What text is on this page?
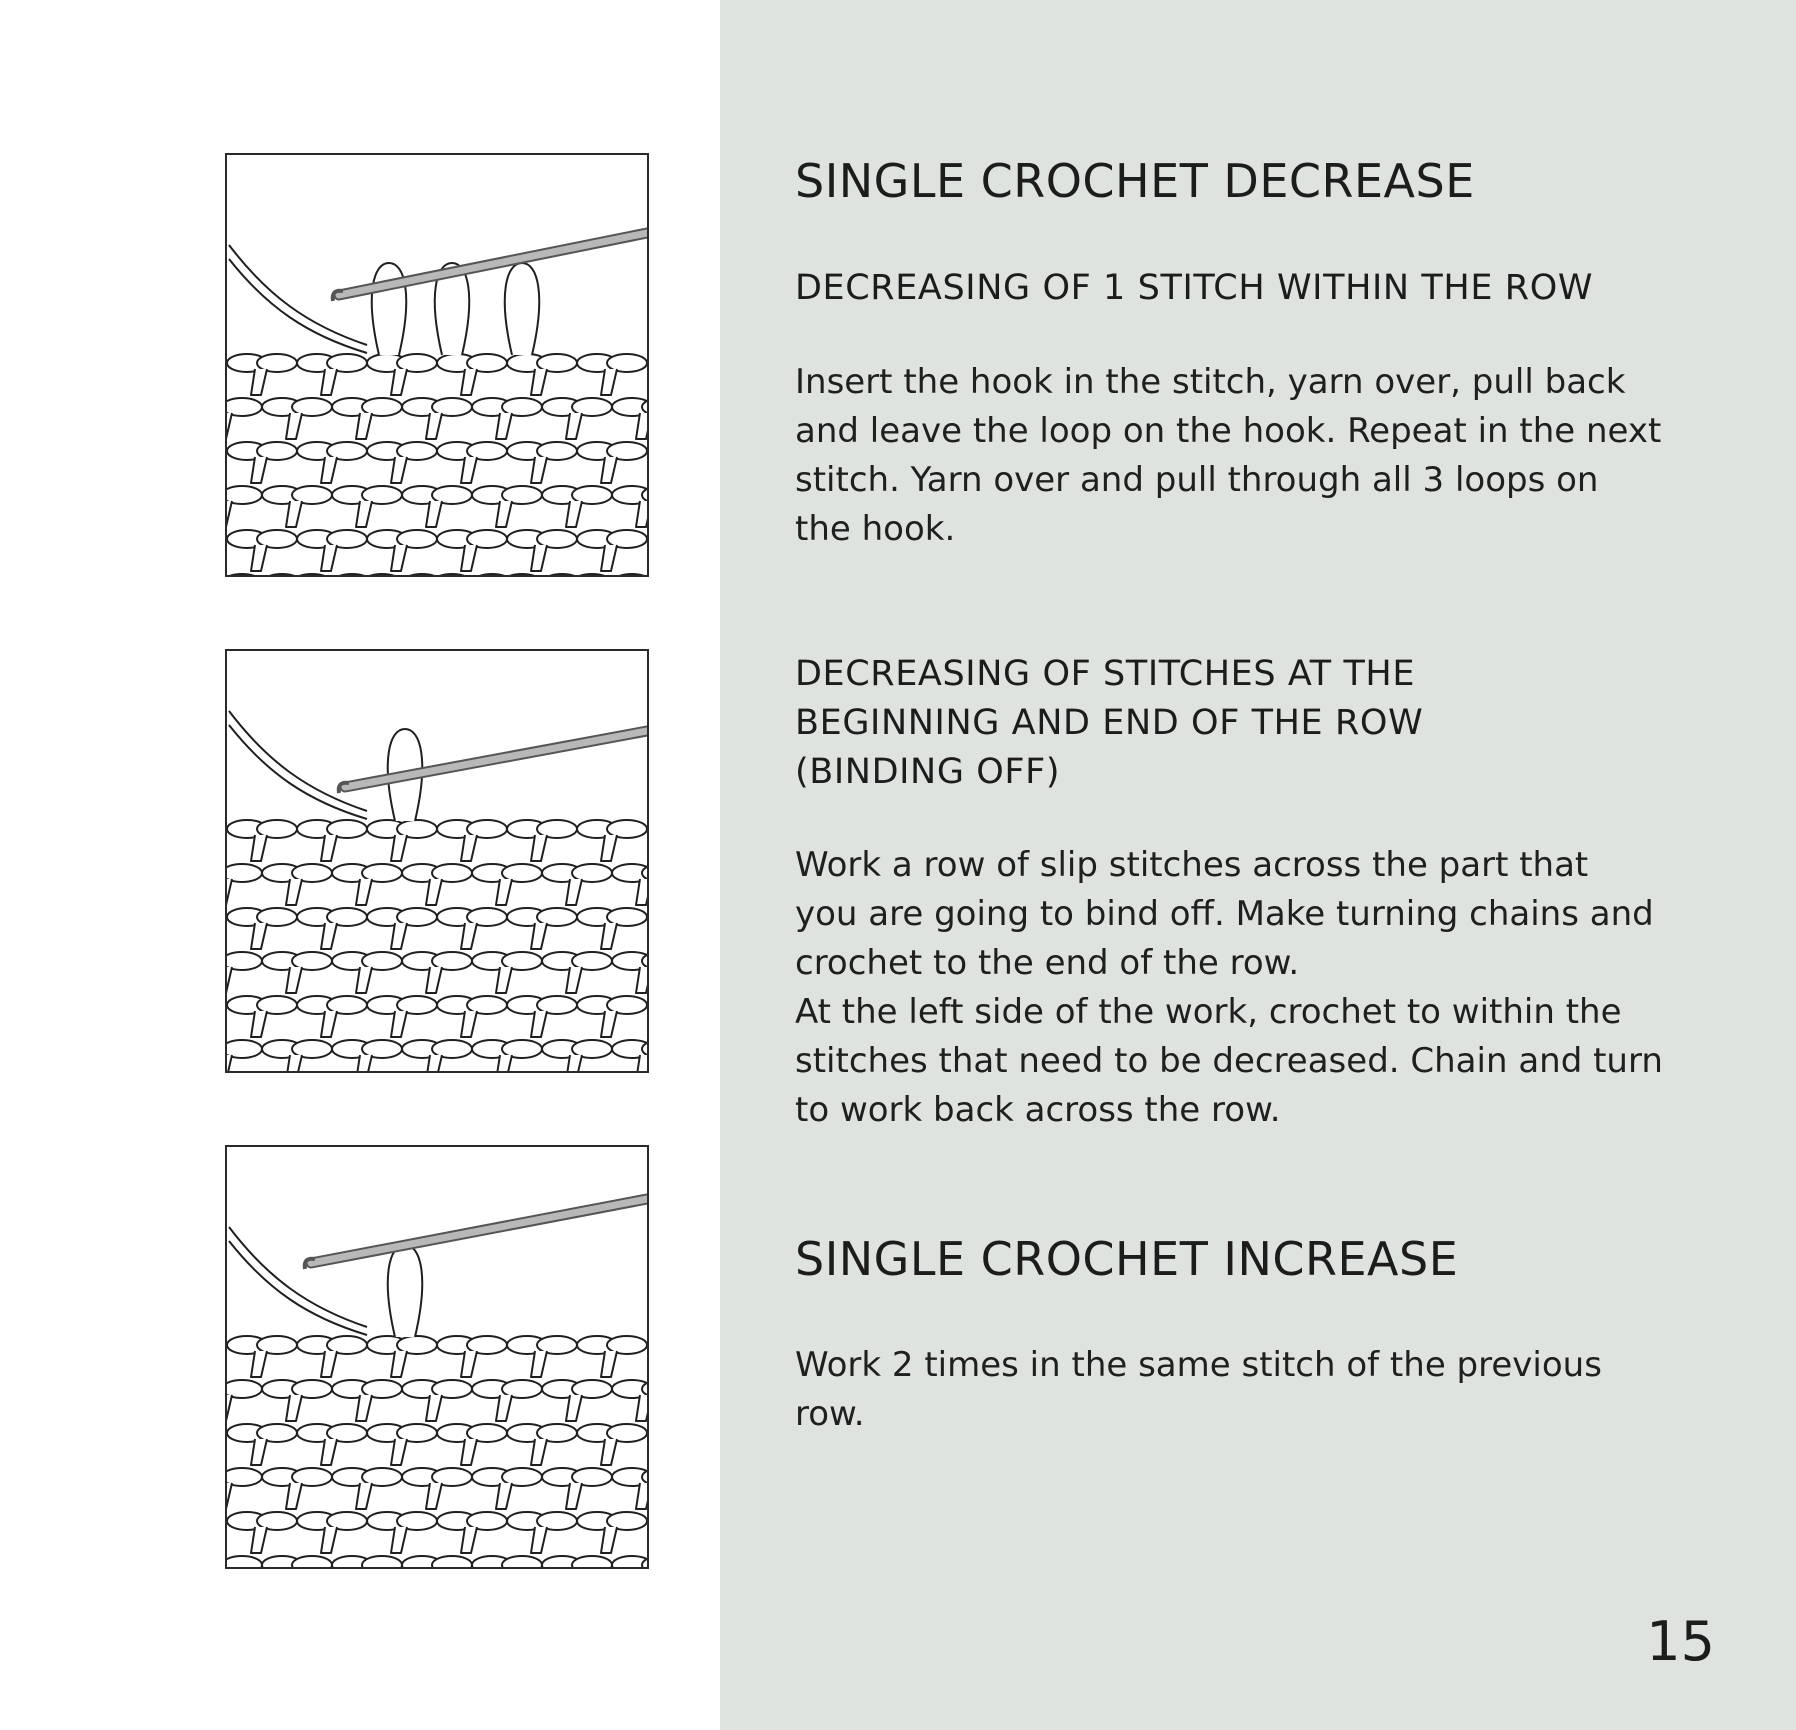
SINGLE CROCHET DECREASE
DECREASING OF 1 STITCH WITHIN THE ROW
Insert the hook in the stitch, yarn over, pull back
and leave the loop on the hook. Repeat in the next
stitch. Yarn over and pull through all 3 loops on
the hook.
DECREASING OF STITCHES AT THE
BEGINNING AND END OF THE ROW
(BINDING OFF)
Work a row of slip stitches across the part that
you are going to bind off. Make turning chains and
crochet to the end of the row.
At the left side of the work, crochet to within the
stitches that need to be decreased. Chain and turn
to work back across the row.
SINGLE CROCHET INCREASE
Work 2 times in the same stitch of the previous
row.
15
